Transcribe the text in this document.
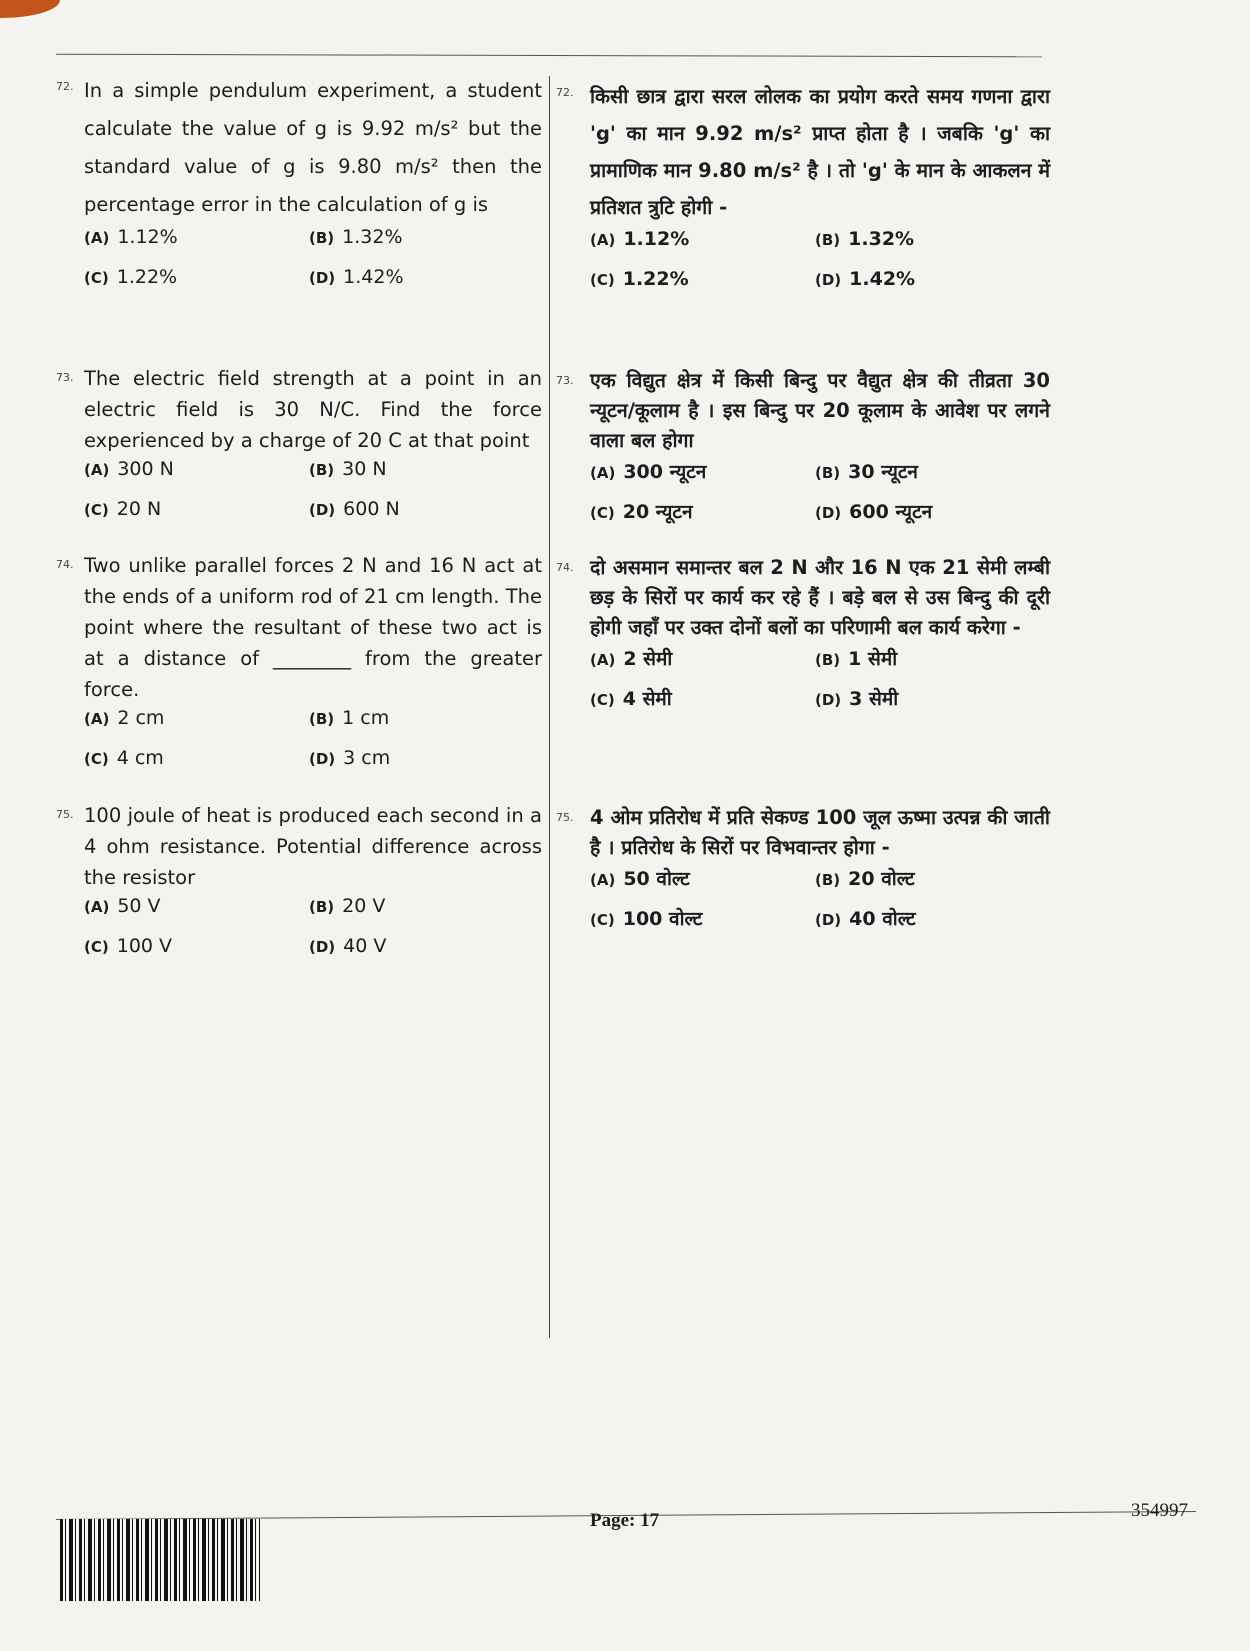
72. In a simple pendulum experiment, a student calculate the value of g is 9.92 m/s² but the standard value of g is 9.80 m/s² then the percentage error in the calculation of g is
(A) 1.12%	(B) 1.32%
(C) 1.22%	(D) 1.42%
73. The electric field strength at a point in an electric field is 30 N/C. Find the force experienced by a charge of 20 C at that point
(A) 300 N	(B) 30 N
(C) 20 N	(D) 600 N
74. Two unlike parallel forces 2 N and 16 N act at the ends of a uniform rod of 21 cm length. The point where the resultant of these two act is at a distance of ________ from the greater force.
(A) 2 cm	(B) 1 cm
(C) 4 cm	(D) 3 cm
75. 100 joule of heat is produced each second in a 4 ohm resistance. Potential difference across the resistor
(A) 50 V	(B) 20 V
(C) 100 V	(D) 40 V
72. किसी छात्र द्वारा सरल लोलक का प्रयोग करते समय गणना द्वारा 'g' का मान 9.92 m/s² प्राप्त होता है । जबकि 'g' का प्रामाणिक मान 9.80 m/s² है । तो 'g' के मान के आकलन में प्रतिशत त्रुटि होगी -
(A) 1.12%	(B) 1.32%
(C) 1.22%	(D) 1.42%
73. एक विद्युत क्षेत्र में किसी बिन्दु पर वैद्युत क्षेत्र की तीव्रता 30 न्यूटन/कूलाम है । इस बिन्दु पर 20 कूलाम के आवेश पर लगने वाला बल होगा
(A) 300 न्यूटन	(B) 30 न्यूटन
(C) 20 न्यूटन	(D) 600 न्यूटन
74. दो असमान समान्तर बल 2 N और 16 N एक 21 सेमी लम्बी छड़ के सिरों पर कार्य कर रहे हैं । बड़े बल से उस बिन्दु की दूरी होगी जहाँ पर उक्त दोनों बलों का परिणामी बल कार्य करेगा -
(A) 2 सेमी	(B) 1 सेमी
(C) 4 सेमी	(D) 3 सेमी
75. 4 ओम प्रतिरोध में प्रति सेकण्ड 100 जूल ऊष्मा उत्पन्न की जाती है । प्रतिरोध के सिरों पर विभवान्तर होगा -
(A) 50 वोल्ट	(B) 20 वोल्ट
(C) 100 वोल्ट	(D) 40 वोल्ट
Page: 17	354997
